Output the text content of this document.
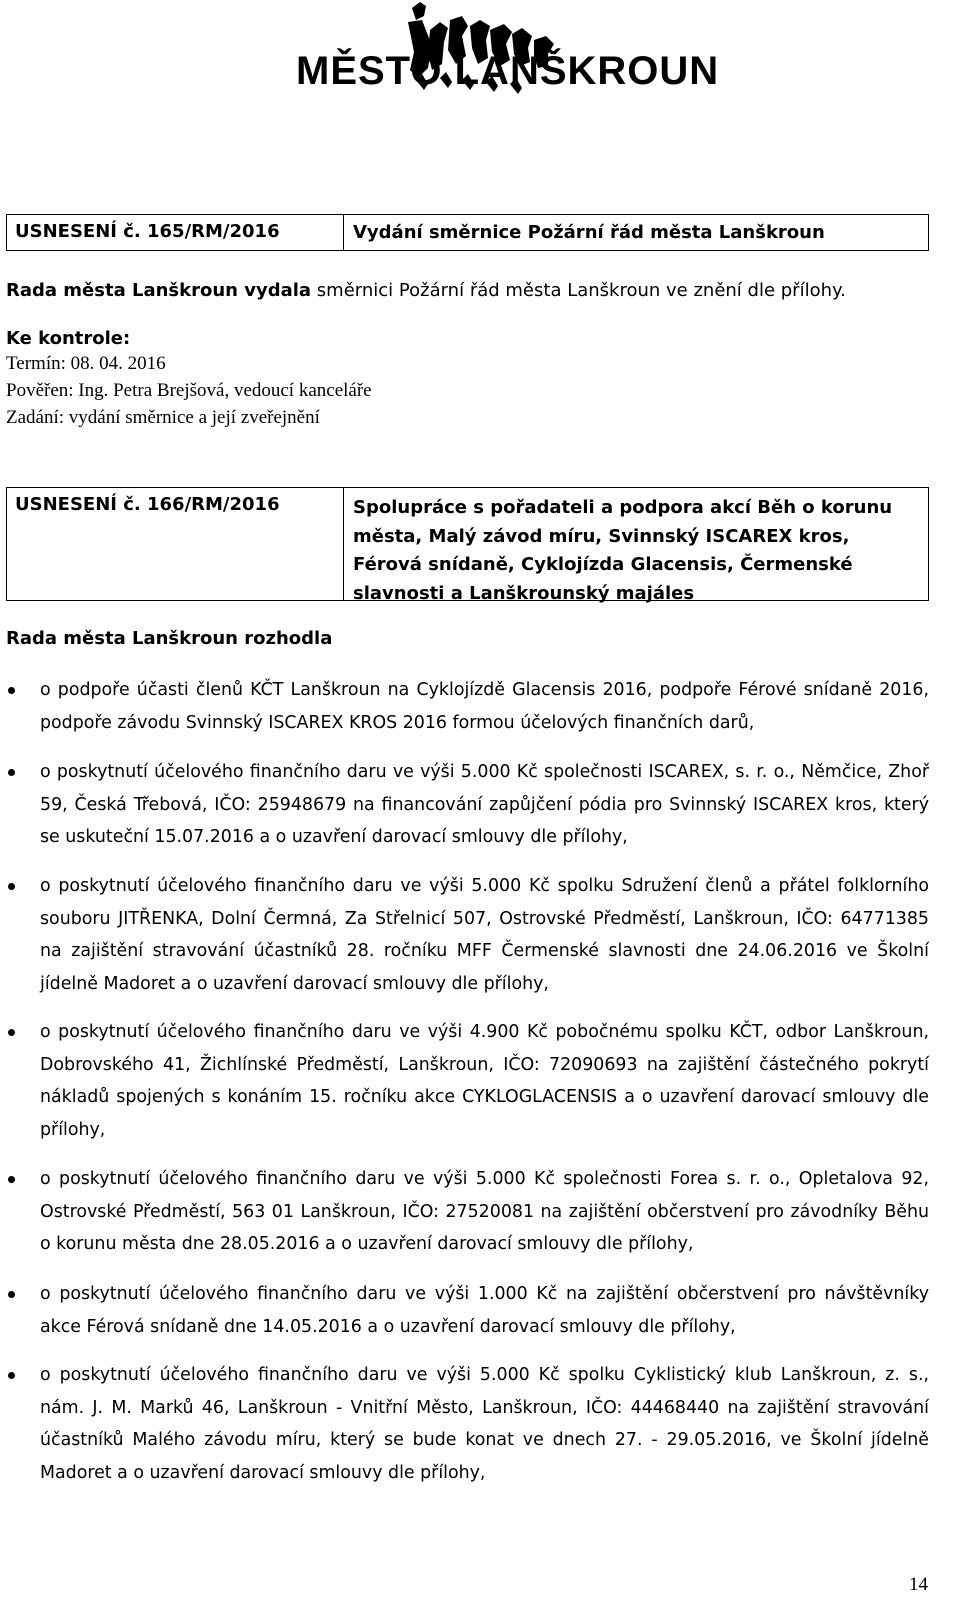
MĚSTO LANŠKROUN
USNESENÍ č. 165/RM/2016	Vydání směrnice Požární řád města Lanškroun
Rada města Lanškroun vydala směrnici Požární řád města Lanškroun ve znění dle přílohy.
Ke kontrole:
Termín: 08. 04. 2016
Pověřen: Ing. Petra Brejšová, vedoucí kanceláře
Zadání: vydání směrnice a její zveřejnění
USNESENÍ č. 166/RM/2016	Spolupráce s pořadateli a podpora akcí Běh o korunu města, Malý závod míru, Svinnský ISCAREX kros, Férová snídaně, Cyklojízda Glacensis, Čermenské slavnosti a Lanškrounský majáles
Rada města Lanškroun rozhodla
o podpoře účasti členů KČT Lanškroun na Cyklojízdě Glacensis 2016, podpoře Férové snídaně 2016, podpoře závodu Svinnský ISCAREX KROS 2016 formou účelových finančních darů,
o poskytnutí účelového finančního daru ve výši 5.000 Kč společnosti ISCAREX, s. r. o., Němčice, Zhoř 59, Česká Třebová, IČO: 25948679 na financování zapůjčení pódia pro Svinnský ISCAREX kros, který se uskuteční 15.07.2016 a o uzavření darovací smlouvy dle přílohy,
o poskytnutí účelového finančního daru ve výši 5.000 Kč spolku Sdružení členů a přátel folklorního souboru JITŘENKA, Dolní Čermná, Za Střelnicí 507, Ostrovské Předměstí, Lanškroun, IČO: 64771385 na zajištění stravování účastníků 28. ročníku MFF Čermenské slavnosti dne 24.06.2016 ve Školní jídelně Madoret a o uzavření darovací smlouvy dle přílohy,
o poskytnutí účelového finančního daru ve výši 4.900 Kč pobočnému spolku KČT, odbor Lanškroun, Dobrovského 41, Žichlínské Předměstí, Lanškroun, IČO: 72090693 na zajištění částečného pokrytí nákladů spojených s konáním 15. ročníku akce CYKLOGLACENSIS a o uzavření darovací smlouvy dle přílohy,
o poskytnutí účelového finančního daru ve výši 5.000 Kč společnosti Forea s. r. o., Opletalova 92, Ostrovské Předměstí, 563 01 Lanškroun, IČO: 27520081 na zajištění občerstvení pro závodníky Běhu o korunu města dne 28.05.2016 a o uzavření darovací smlouvy dle přílohy,
o poskytnutí účelového finančního daru ve výši 1.000 Kč na zajištění občerstvení pro návštěvníky akce Férová snídaně dne 14.05.2016 a o uzavření darovací smlouvy dle přílohy,
o poskytnutí účelového finančního daru ve výši 5.000 Kč spolku Cyklistický klub Lanškroun, z. s., nám. J. M. Marků 46, Lanškroun - Vnitřní Město, Lanškroun, IČO: 44468440 na zajištění stravování účastníků Malého závodu míru, který se bude konat ve dnech 27. - 29.05.2016, ve Školní jídelně Madoret a o uzavření darovací smlouvy dle přílohy,
14
